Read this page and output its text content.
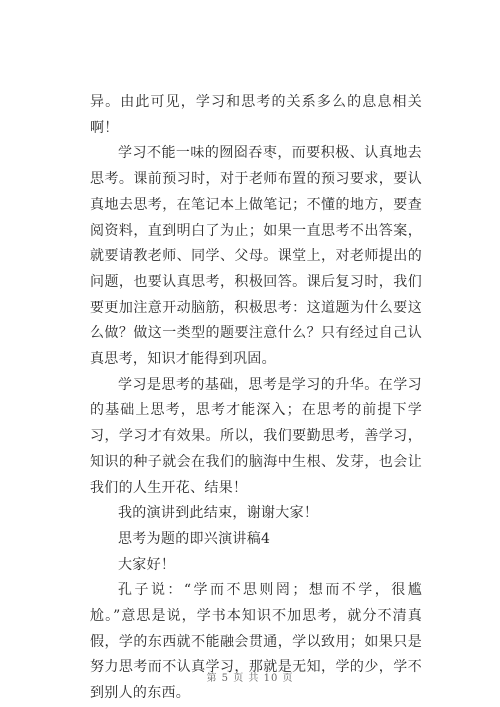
异。由此可见，学习和思考的关系多么的息息相关啊！

学习不能一味的囫囵吞枣，而要积极、认真地去思考。课前预习时，对于老师布置的预习要求，要认真地去思考，在笔记本上做笔记；不懂的地方，要查阅资料，直到明白了为止；如果一直思考不出答案，就要请教老师、同学、父母。课堂上，对老师提出的问题，也要认真思考，积极回答。课后复习时，我们要更加注意开动脑筋，积极思考：这道题为什么要这么做？做这一类型的题要注意什么？只有经过自己认真思考，知识才能得到巩固。

学习是思考的基础，思考是学习的升华。在学习的基础上思考，思考才能深入；在思考的前提下学习，学习才有效果。所以，我们要勤思考，善学习，知识的种子就会在我们的脑海中生根、发芽，也会让我们的人生开花、结果！

我的演讲到此结束，谢谢大家！

思考为题的即兴演讲稿4

大家好！

孔子说：“学而不思则罔；想而不学，很尴尬。”意思是说，学书本知识不加思考，就分不清真假，学的东西就不能融会贯通，学以致用；如果只是努力思考而不认真学习，那就是无知，学的少，学不到别人的东西。

第 5 页 共 10 页
